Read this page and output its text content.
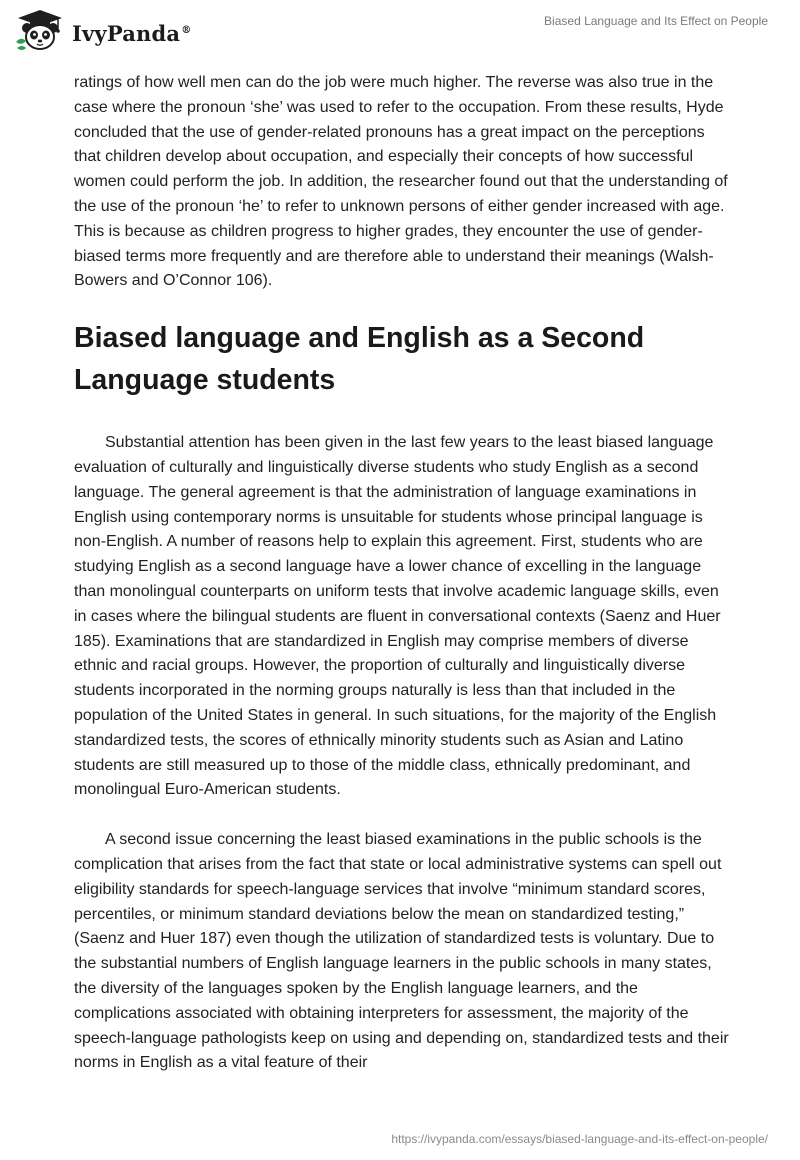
IvyPanda®
Biased Language and Its Effect on People

ratings of how well men can do the job were much higher. The reverse was also true in the case where the pronoun ‘she’ was used to refer to the occupation. From these results, Hyde concluded that the use of gender-related pronouns has a great impact on the perceptions that children develop about occupation, and especially their concepts of how successful women could perform the job. In addition, the researcher found out that the understanding of the use of the pronoun ‘he’ to refer to unknown persons of either gender increased with age. This is because as children progress to higher grades, they encounter the use of gender-biased terms more frequently and are therefore able to understand their meanings (Walsh-Bowers and O’Connor 106).

Biased language and English as a Second Language students

Substantial attention has been given in the last few years to the least biased language evaluation of culturally and linguistically diverse students who study English as a second language. The general agreement is that the administration of language examinations in English using contemporary norms is unsuitable for students whose principal language is non-English. A number of reasons help to explain this agreement. First, students who are studying English as a second language have a lower chance of excelling in the language than monolingual counterparts on uniform tests that involve academic language skills, even in cases where the bilingual students are fluent in conversational contexts (Saenz and Huer 185). Examinations that are standardized in English may comprise members of diverse ethnic and racial groups. However, the proportion of culturally and linguistically diverse students incorporated in the norming groups naturally is less than that included in the population of the United States in general. In such situations, for the majority of the English standardized tests, the scores of ethnically minority students such as Asian and Latino students are still measured up to those of the middle class, ethnically predominant, and monolingual Euro-American students.

A second issue concerning the least biased examinations in the public schools is the complication that arises from the fact that state or local administrative systems can spell out eligibility standards for speech-language services that involve “minimum standard scores, percentiles, or minimum standard deviations below the mean on standardized testing,” (Saenz and Huer 187) even though the utilization of standardized tests is voluntary. Due to the substantial numbers of English language learners in the public schools in many states, the diversity of the languages spoken by the English language learners, and the complications associated with obtaining interpreters for assessment, the majority of the speech-language pathologists keep on using and depending on, standardized tests and their norms in English as a vital feature of their

https://ivypanda.com/essays/biased-language-and-its-effect-on-people/
